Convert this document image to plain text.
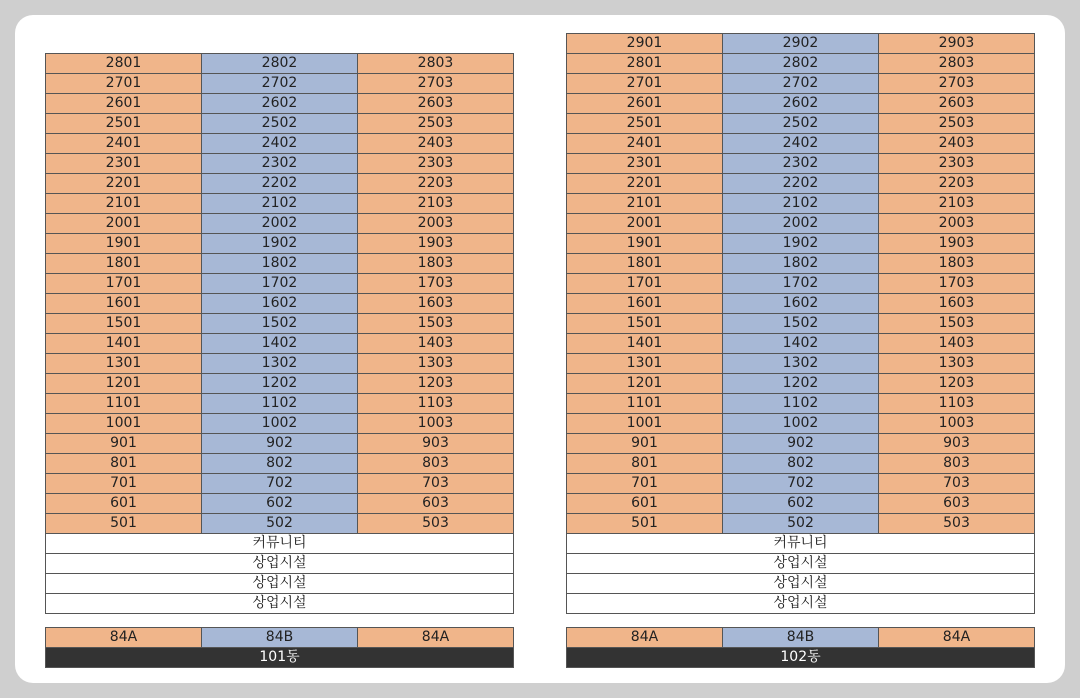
2801	2802	2803
2701	2702	2703
2601	2602	2603
2501	2502	2503
2401	2402	2403
2301	2302	2303
2201	2202	2203
2101	2102	2103
2001	2002	2003
1901	1902	1903
1801	1802	1803
1701	1702	1703
1601	1602	1603
1501	1502	1503
1401	1402	1403
1301	1302	1303
1201	1202	1203
1101	1102	1103
1001	1002	1003
901	902	903
801	802	803
701	702	703
601	602	603
501	502	503
커뮤니티		
상업시설		
상업시설		
상업시설		
2901	2902	2903
2801	2802	2803
2701	2702	2703
2601	2602	2603
2501	2502	2503
2401	2402	2403
2301	2302	2303
2201	2202	2203
2101	2102	2103
2001	2002	2003
1901	1902	1903
1801	1802	1803
1701	1702	1703
1601	1602	1603
1501	1502	1503
1401	1402	1403
1301	1302	1303
1201	1202	1203
1101	1102	1103
1001	1002	1003
901	902	903
801	802	803
701	702	703
601	602	603
501	502	503
커뮤니티		
상업시설		
상업시설		
상업시설		
84A	84B	84A
101동
84A	84B	84A
102동
